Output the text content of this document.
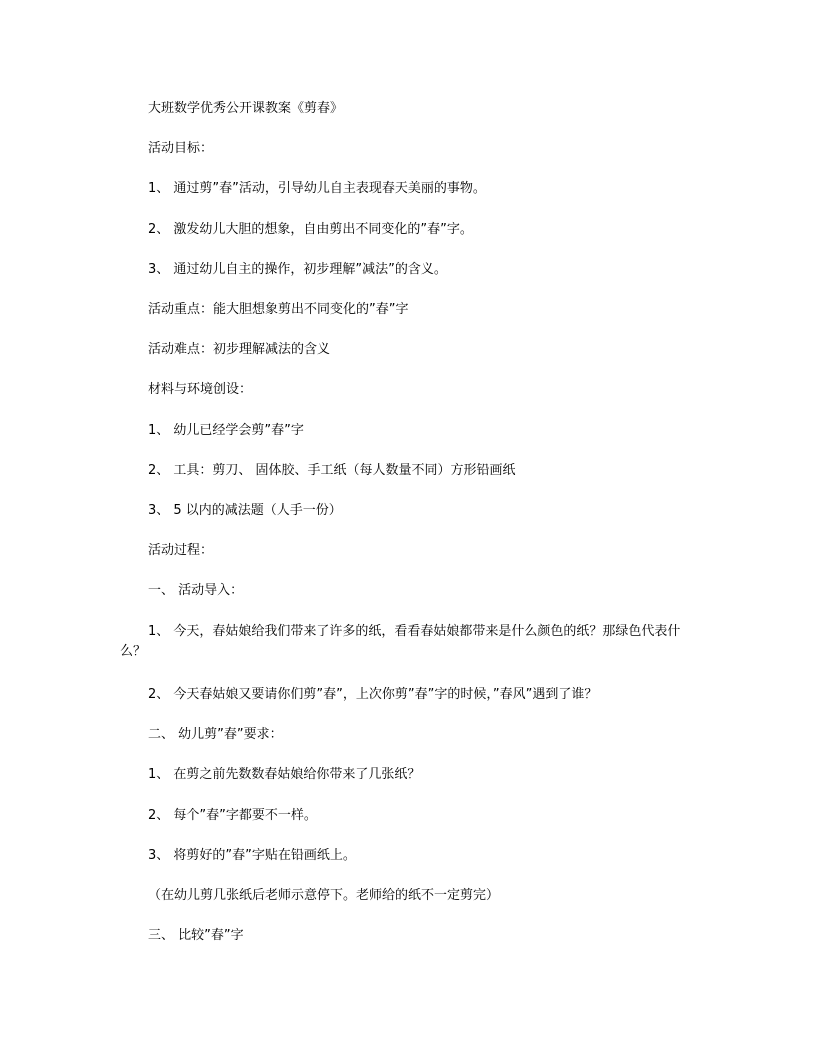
大班数学优秀公开课教案《剪春》
活动目标：
1、 通过剪”春”活动，引导幼儿自主表现春天美丽的事物。
2、 激发幼儿大胆的想象，自由剪出不同变化的”春”字。
3、 通过幼儿自主的操作，初步理解”减法”的含义。
活动重点：能大胆想象剪出不同变化的”春”字
活动难点：初步理解减法的含义
材料与环境创设：
1、 幼儿已经学会剪”春”字
2、 工具：剪刀、 固体胶、手工纸（每人数量不同）方形铅画纸
3、 5 以内的减法题（人手一份）
活动过程：
一、 活动导入：
1、 今天，春姑娘给我们带来了许多的纸，看看春姑娘都带来是什么颜色的纸？那绿色代表什么？
2、 今天春姑娘又要请你们剪”春”，上次你剪”春”字的时候，”春风”遇到了谁？
二、 幼儿剪”春”要求：
1、 在剪之前先数数春姑娘给你带来了几张纸？
2、 每个”春”字都要不一样。
3、 将剪好的”春”字贴在铅画纸上。
（在幼儿剪几张纸后老师示意停下。老师给的纸不一定剪完）
三、 比较”春”字
